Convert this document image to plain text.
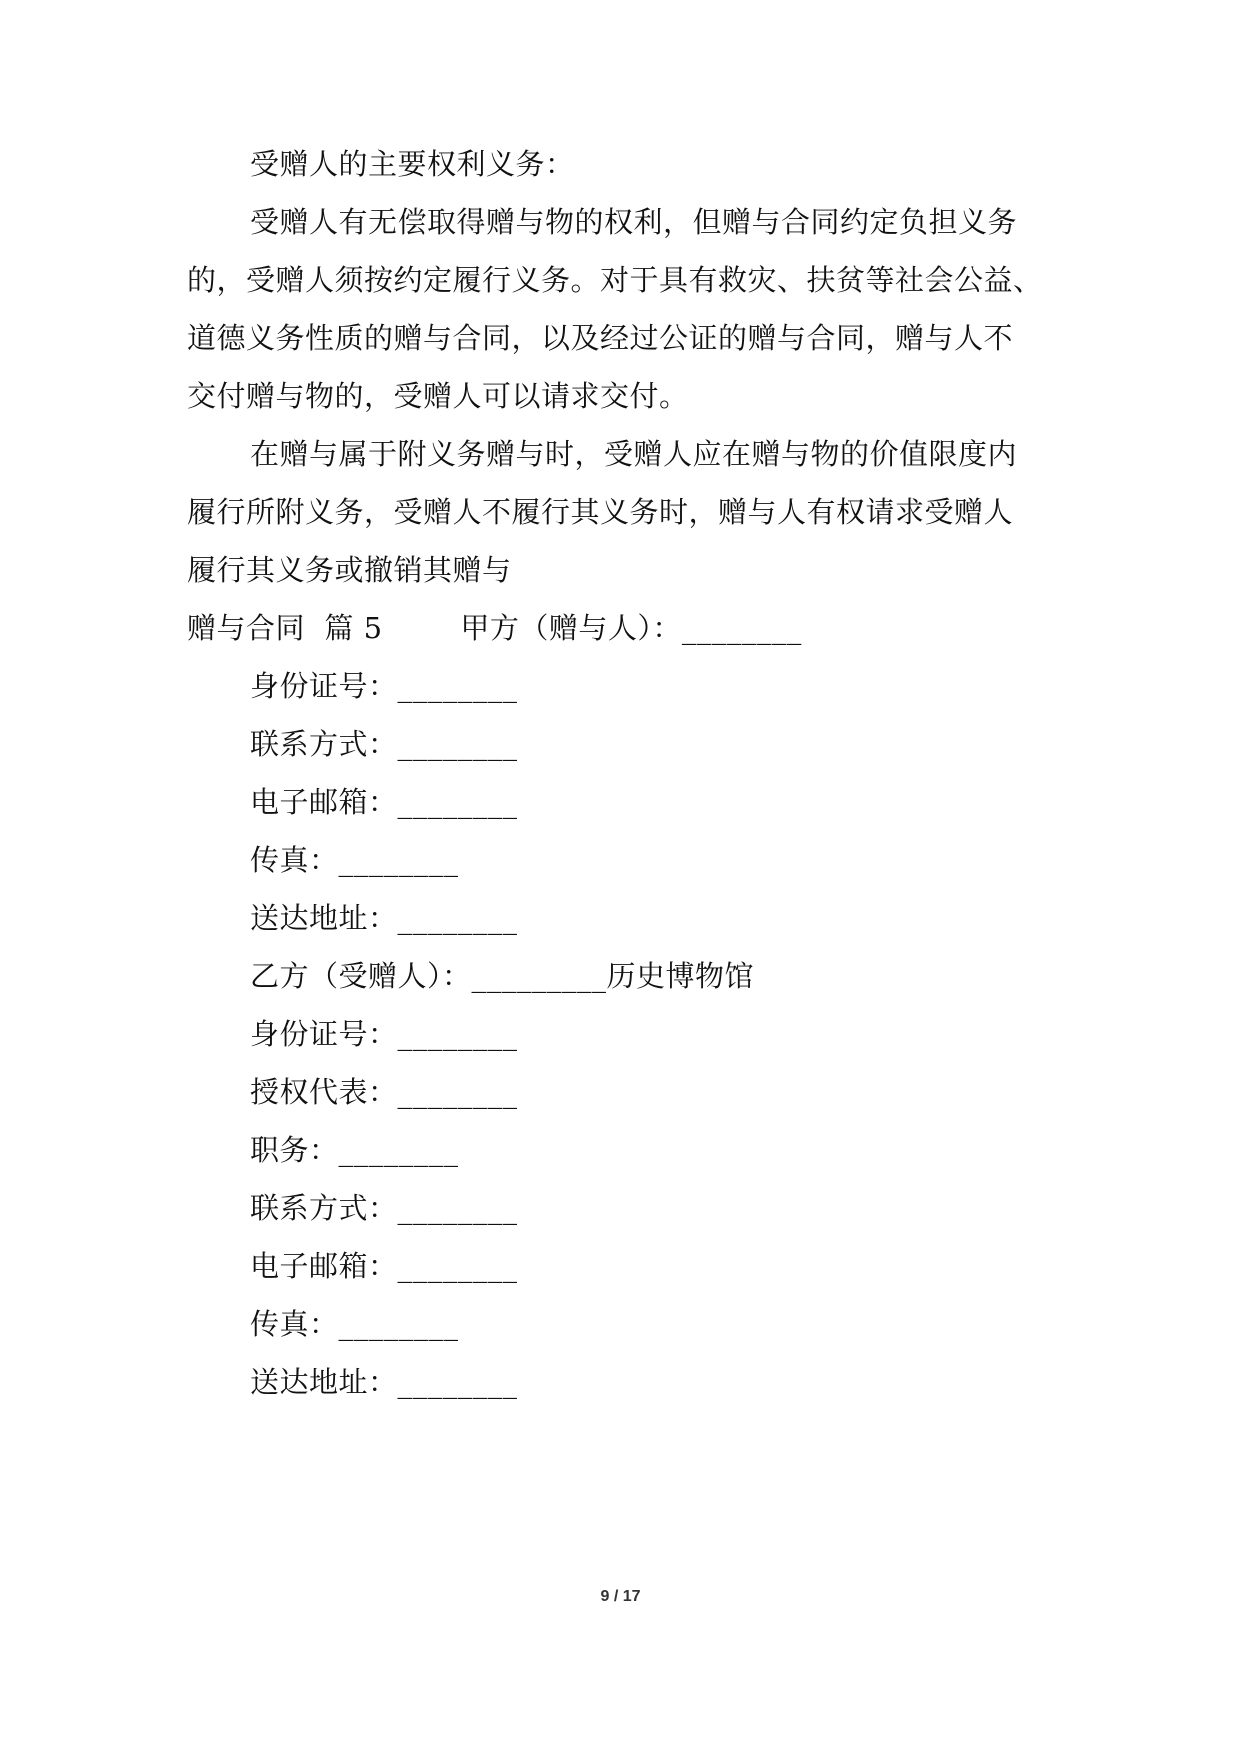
受赠人的主要权利义务：
受赠人有无偿取得赠与物的权利，但赠与合同约定负担义务
的，受赠人须按约定履行义务。对于具有救灾、扶贫等社会公益、
道德义务性质的赠与合同，以及经过公证的赠与合同，赠与人不
交付赠与物的，受赠人可以请求交付。
在赠与属于附义务赠与时，受赠人应在赠与物的价值限度内
履行所附义务，受赠人不履行其义务时，赠与人有权请求受赠人
履行其义务或撤销其赠与
赠与合同  篇 5        甲方（赠与人）：________
身份证号：________
联系方式：________
电子邮箱：________
传真：________
送达地址：________
乙方（受赠人）：_________历史博物馆
身份证号：________
授权代表：________
职务：________
联系方式：________
电子邮箱：________
传真：________
送达地址：________
9 / 17
